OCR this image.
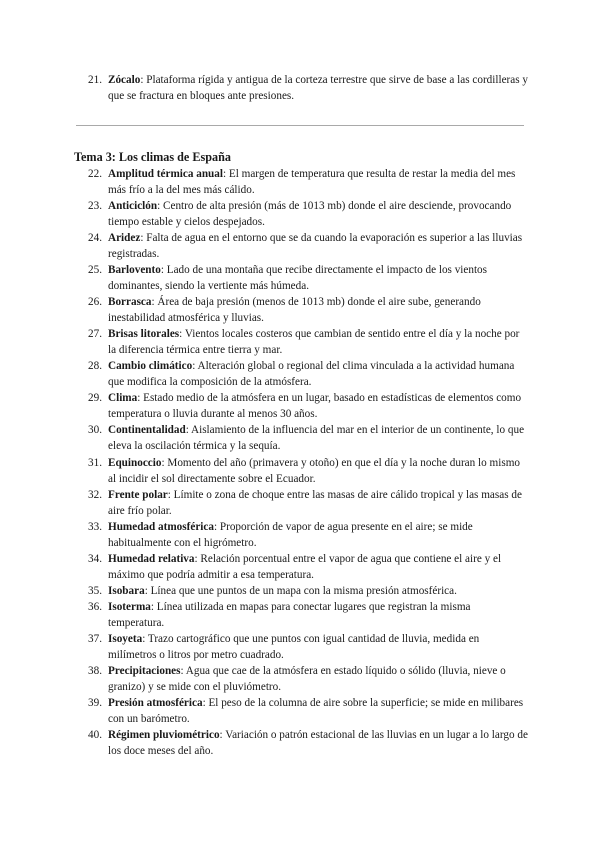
21. Zócalo: Plataforma rígida y antigua de la corteza terrestre que sirve de base a las cordilleras y que se fractura en bloques ante presiones.
Tema 3: Los climas de España
22. Amplitud térmica anual: El margen de temperatura que resulta de restar la media del mes más frío a la del mes más cálido.
23. Anticiclón: Centro de alta presión (más de 1013 mb) donde el aire desciende, provocando tiempo estable y cielos despejados.
24. Aridez: Falta de agua en el entorno que se da cuando la evaporación es superior a las lluvias registradas.
25. Barlovento: Lado de una montaña que recibe directamente el impacto de los vientos dominantes, siendo la vertiente más húmeda.
26. Borrasca: Área de baja presión (menos de 1013 mb) donde el aire sube, generando inestabilidad atmosférica y lluvias.
27. Brisas litorales: Vientos locales costeros que cambian de sentido entre el día y la noche por la diferencia térmica entre tierra y mar.
28. Cambio climático: Alteración global o regional del clima vinculada a la actividad humana que modifica la composición de la atmósfera.
29. Clima: Estado medio de la atmósfera en un lugar, basado en estadísticas de elementos como temperatura o lluvia durante al menos 30 años.
30. Continentalidad: Aislamiento de la influencia del mar en el interior de un continente, lo que eleva la oscilación térmica y la sequía.
31. Equinoccio: Momento del año (primavera y otoño) en que el día y la noche duran lo mismo al incidir el sol directamente sobre el Ecuador.
32. Frente polar: Límite o zona de choque entre las masas de aire cálido tropical y las masas de aire frío polar.
33. Humedad atmosférica: Proporción de vapor de agua presente en el aire; se mide habitualmente con el higrómetro.
34. Humedad relativa: Relación porcentual entre el vapor de agua que contiene el aire y el máximo que podría admitir a esa temperatura.
35. Isobara: Línea que une puntos de un mapa con la misma presión atmosférica.
36. Isoterma: Línea utilizada en mapas para conectar lugares que registran la misma temperatura.
37. Isoyeta: Trazo cartográfico que une puntos con igual cantidad de lluvia, medida en milímetros o litros por metro cuadrado.
38. Precipitaciones: Agua que cae de la atmósfera en estado líquido o sólido (lluvia, nieve o granizo) y se mide con el pluviómetro.
39. Presión atmosférica: El peso de la columna de aire sobre la superficie; se mide en milibares con un barómetro.
40. Régimen pluviométrico: Variación o patrón estacional de las lluvias en un lugar a lo largo de los doce meses del año.
